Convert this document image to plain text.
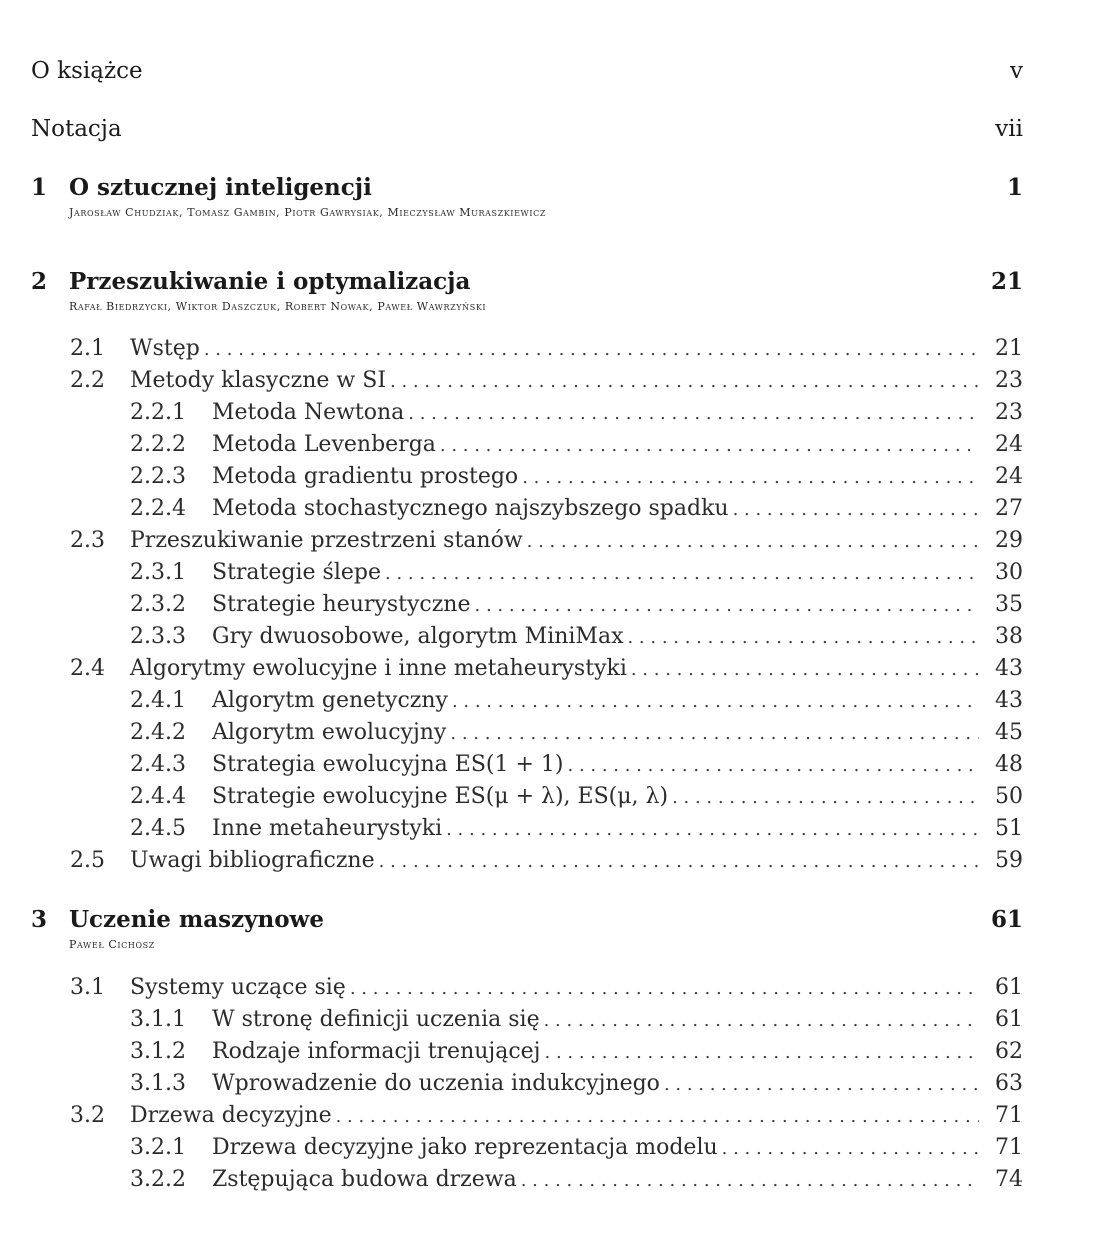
O książce	v
Notacja	vii
1 O sztucznej inteligencji	1
Jarosław Chudziak, Tomasz Gambin, Piotr Gawrysiak, Mieczysław Muraszkiewicz
2 Przeszukiwanie i optymalizacja	21
Rafał Biedrzycki, Wiktor Daszczuk, Robert Nowak, Paweł Wawrzyński
2.1	Wstęp . . .	21
2.2	Metody klasyczne w SI . . .	23
2.2.1	Metoda Newtona . . .	23
2.2.2	Metoda Levenberga . . .	24
2.2.3	Metoda gradientu prostego . . .	24
2.2.4	Metoda stochastycznego najszybszego spadku . . .	27
2.3	Przeszukiwanie przestrzeni stanów . . .	29
2.3.1	Strategie ślepe . . .	30
2.3.2	Strategie heurystyczne . . .	35
2.3.3	Gry dwuosobowe, algorytm MiniMax . . .	38
2.4	Algorytmy ewolucyjne i inne metaheurystyki . . .	43
2.4.1	Algorytm genetyczny . . .	43
2.4.2	Algorytm ewolucyjny . . .	45
2.4.3	Strategia ewolucyjna ES(1 + 1) . . .	48
2.4.4	Strategie ewolucyjne ES(μ + λ), ES(μ, λ) . . .	50
2.4.5	Inne metaheurystyki . . .	51
2.5	Uwagi bibliograficzne . . .	59
3 Uczenie maszynowe	61
Paweł Cichosz
3.1	Systemy uczące się . . .	61
3.1.1	W stronę definicji uczenia się . . .	61
3.1.2	Rodzaje informacji trenującej . . .	62
3.1.3	Wprowadzenie do uczenia indukcyjnego . . .	63
3.2	Drzewa decyzyjne . . .	71
3.2.1	Drzewa decyzyjne jako reprezentacja modelu . . .	71
3.2.2	Zstępująca budowa drzewa . . .	74
